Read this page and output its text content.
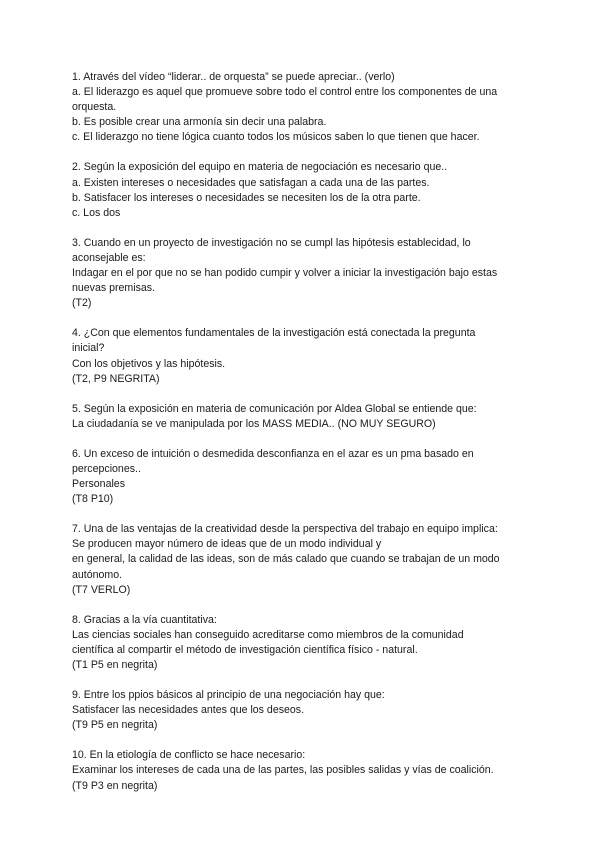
1. Através del vídeo “liderar.. de orquesta” se puede apreciar.. (verlo)
a. El liderazgo es aquel que promueve sobre todo el control entre los componentes de una
orquesta.
b. Es posible crear una armonía sin decir una palabra.
c. El liderazgo no tiene lógica cuanto todos los músicos saben lo que tienen que hacer.
2. Según la exposición del equipo en materia de negociación es necesario que..
a. Existen intereses o necesidades que satisfagan a cada una de las partes.
b. Satisfacer los intereses o necesidades se necesiten los de la otra parte.
c. Los dos
3. Cuando en un proyecto de investigación no se cumpl las hipótesis establecidad, lo
aconsejable es:
Indagar en el por que no se han podido cumpir y volver a iniciar la investigación bajo estas
nuevas premisas.
(T2)
4. ¿Con que elementos fundamentales de la investigación está conectada la pregunta
inicial?
Con los objetivos y las hipótesis.
(T2, P9 NEGRITA)
5. Según la exposición en materia de comunicación por Aldea Global se entiende que:
La ciudadanía se ve manipulada por los MASS MEDIA.. (NO MUY SEGURO)
6. Un exceso de intuición o desmedida desconfianza en el azar es un pma basado en
percepciones..
Personales
(T8 P10)
7. Una de las ventajas de la creatividad desde la perspectiva del trabajo en equipo implica:
Se producen mayor número de ideas que de un modo individual y
en general, la calidad de las ideas, son de más calado que cuando se trabajan de un modo
autónomo.
(T7 VERLO)
8. Gracias a la vía cuantitativa:
Las ciencias sociales han conseguido acreditarse como miembros de la comunidad
científica al compartir el método de investigación científica físico - natural.
(T1 P5 en negrita)
9. Entre los ppios básicos al principio de una negociación hay que:
Satisfacer las necesidades antes que los deseos.
(T9 P5 en negrita)
10. En la etiología de conflicto se hace necesario:
Examinar los intereses de cada una de las partes, las posibles salidas y vías de coalición.
(T9 P3 en negrita)
